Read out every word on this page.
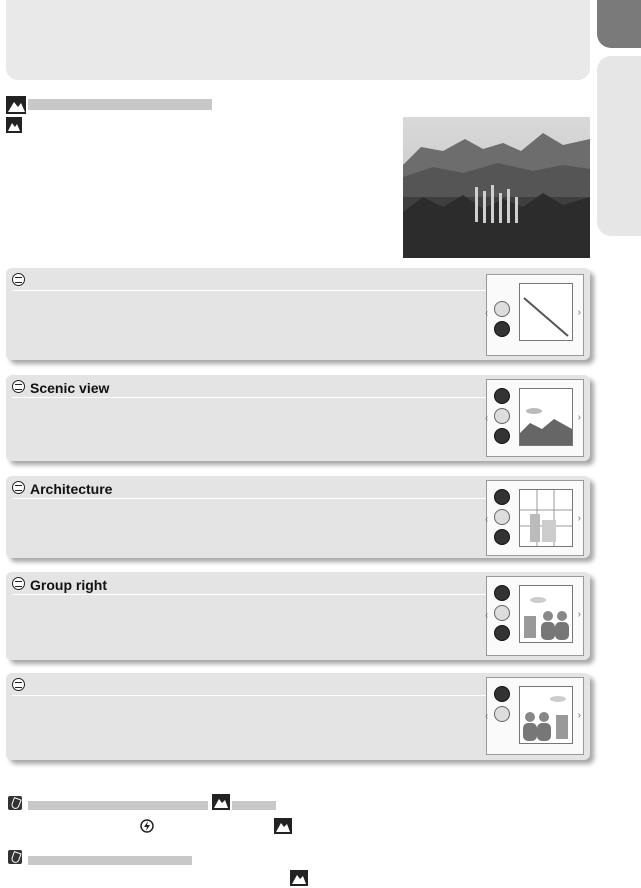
‹	›
Scenic view
‹	›
Architecture
‹	›
Group right
‹	›
‹	›
